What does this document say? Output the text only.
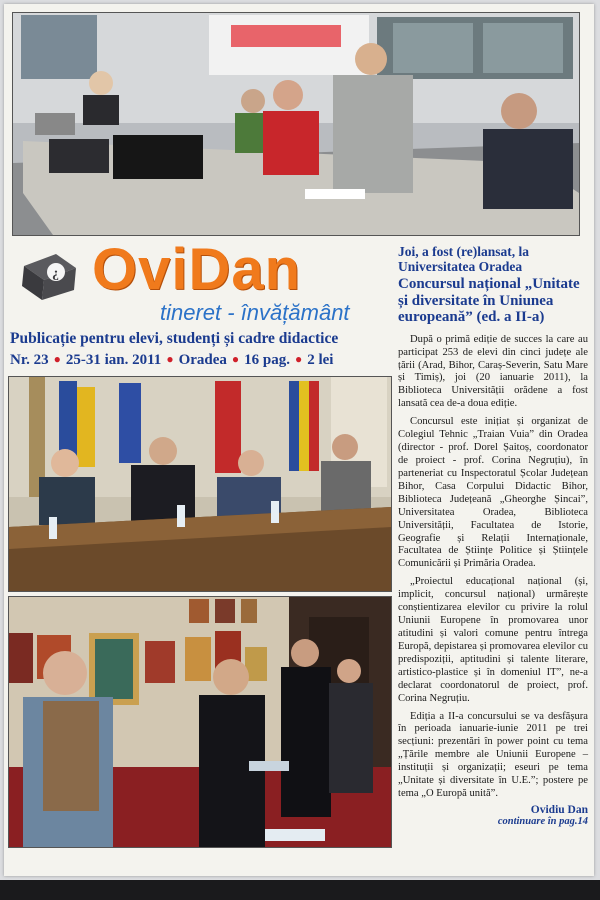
¿ OviDan
tineret - învățământ
Publicație pentru elevi, studenți și cadre didactice
Nr. 23 ● 25-31 ian. 2011 ● Oradea ● 16 pag. ● 2 lei
Joi, a fost (re)lansat, la Universitatea Oradea
Concursul național „Unitate și diversitate în Uniunea europeană” (ed. a II-a)

După o primă ediție de succes la care au participat 253 de elevi din cinci județe ale țării (Arad, Bihor, Caraș-Severin, Satu Mare și Timiș), joi (20 ianuarie 2011), la Biblioteca Universității orădene a fost lansată cea de-a doua ediție.

Concursul este inițiat și organizat de Colegiul Tehnic „Traian Vuia” din Oradea (director - prof. Dorel Șaitoș, coordonator de proiect - prof. Corina Negruțiu), în parteneriat cu Inspectoratul Școlar Județean Bihor, Casa Corpului Didactic Bihor, Biblioteca Județeană „Gheorghe Șincai”, Universitatea Oradea, Biblioteca Universității, Facultatea de Istorie, Geografie și Relații Internaționale, Facultatea de Științe Politice și Științele Comunicării și Primăria Oradea.

„Proiectul educațional național (și, implicit, concursul național) urmărește conștientizarea elevilor cu privire la rolul Uniunii Europene în promovarea unor atitudini și valori comune pentru întrega Europă, depistarea și promovarea elevilor cu predispoziții, aptitudini și talente literare, artistico-plastice și în domeniul IT”, ne-a declarat coordonatorul de proiect, prof. Corina Negruțiu.

Ediția a II-a concursului se va desfășura în perioada ianuarie-iunie 2011 pe trei secțiuni: prezentări în power point cu tema „Țările membre ale Uniunii Europene – instituții și organizații; eseuri pe tema „Unitate și diversitate în U.E.”; postere pe tema „O Europă unită”.

Ovidiu Dan
continuare în pag.14
